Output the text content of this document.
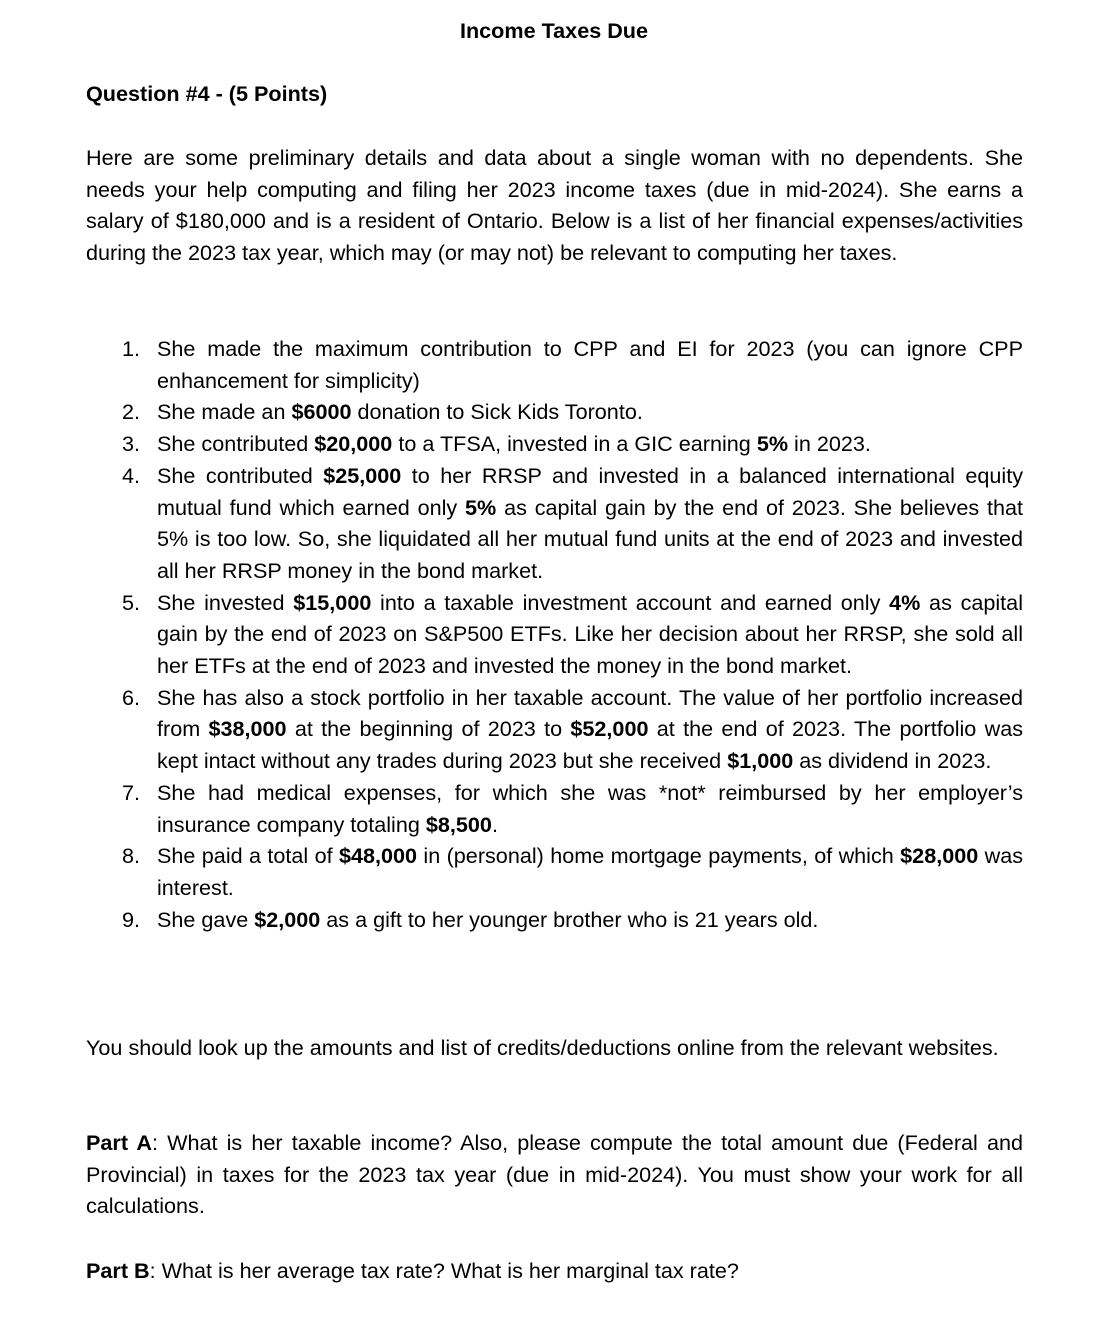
Income Taxes Due
Question #4 - (5 Points)
Here are some preliminary details and data about a single woman with no dependents. She needs your help computing and filing her 2023 income taxes (due in mid-2024). She earns a salary of $180,000 and is a resident of Ontario. Below is a list of her financial expenses/activities during the 2023 tax year, which may (or may not) be relevant to computing her taxes.
1. She made the maximum contribution to CPP and EI for 2023 (you can ignore CPP enhancement for simplicity)
2. She made an $6000 donation to Sick Kids Toronto.
3. She contributed $20,000 to a TFSA, invested in a GIC earning 5% in 2023.
4. She contributed $25,000 to her RRSP and invested in a balanced international equity mutual fund which earned only 5% as capital gain by the end of 2023. She believes that 5% is too low. So, she liquidated all her mutual fund units at the end of 2023 and invested all her RRSP money in the bond market.
5. She invested $15,000 into a taxable investment account and earned only 4% as capital gain by the end of 2023 on S&P500 ETFs. Like her decision about her RRSP, she sold all her ETFs at the end of 2023 and invested the money in the bond market.
6. She has also a stock portfolio in her taxable account. The value of her portfolio increased from $38,000 at the beginning of 2023 to $52,000 at the end of 2023. The portfolio was kept intact without any trades during 2023 but she received $1,000 as dividend in 2023.
7. She had medical expenses, for which she was *not* reimbursed by her employer’s insurance company totaling $8,500.
8. She paid a total of $48,000 in (personal) home mortgage payments, of which $28,000 was interest.
9. She gave $2,000 as a gift to her younger brother who is 21 years old.
You should look up the amounts and list of credits/deductions online from the relevant websites.
Part A: What is her taxable income? Also, please compute the total amount due (Federal and Provincial) in taxes for the 2023 tax year (due in mid-2024). You must show your work for all calculations.
Part B: What is her average tax rate? What is her marginal tax rate?
